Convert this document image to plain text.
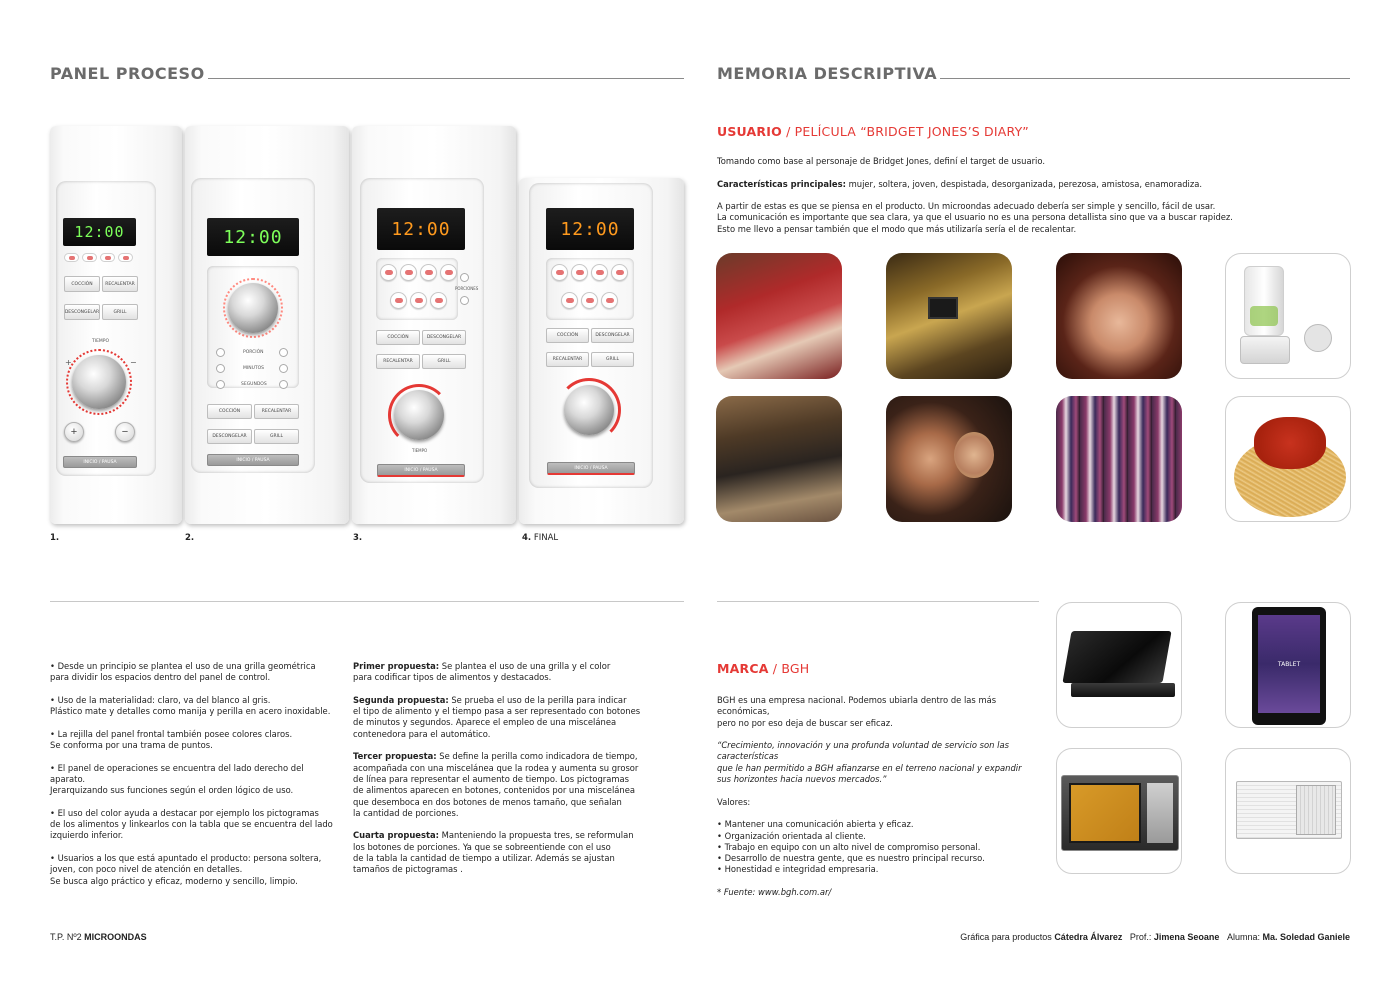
PANEL PROCESO
12:00
COCCIÓN	RECALENTAR
DESCONGELAR	GRILL
TIEMPO
+	−
+	−
INICIO / PAUSA
12:00
PORCIÓN
MINUTOS
SEGUNDOS
COCCIÓN	RECALENTAR
DESCONGELAR	GRILL
INICIO / PAUSA
12:00
PORCIONES
COCCIÓN	DESCONGELAR
RECALENTAR	GRILL
TIEMPO
INICIO / PAUSA
12:00
COCCIÓN	DESCONGELAR
RECALENTAR	GRILL
INICIO / PAUSA
1.	2.	3.	4. FINAL
• Desde un principio se plantea el uso de una grilla geométrica
para dividir los espacios dentro del panel de control.
• Uso de la materialidad: claro, va del blanco al gris.
Plástico mate y detalles como manija y perilla en acero inoxidable.
• La rejilla del panel frontal también posee colores claros.
Se conforma por una trama de puntos.
• El panel de operaciones se encuentra del lado derecho del aparato.
Jerarquizando sus funciones según el orden lógico de uso.
• El uso del color ayuda a destacar por ejemplo los pictogramas
de los alimentos y linkearlos con la tabla que se encuentra del lado
izquierdo inferior.
• Usuarios a los que está apuntado el producto: persona soltera,
joven, con poco nivel de atención en detalles.
Se busca algo práctico y eficaz, moderno y sencillo, limpio.
Primer propuesta: Se plantea el uso de una grilla y el color
para codificar tipos de alimentos y destacados.
Segunda propuesta: Se prueba el uso de la perilla para indicar
el tipo de alimento y el tiempo pasa a ser representado con botones
de minutos y segundos. Aparece el empleo de una miscelánea
contenedora para el automático.
Tercer propuesta: Se define la perilla como indicadora de tiempo,
acompañada con una miscelánea que la rodea y aumenta su grosor
de línea para representar el aumento de tiempo. Los pictogramas
de alimentos aparecen en botones, contenidos por una miscelánea
que desemboca en dos botones de menos tamaño, que señalan
la cantidad de porciones.
Cuarta propuesta: Manteniendo la propuesta tres, se reformulan
los botones de porciones. Ya que se sobreentiende con el uso
de la tabla la cantidad de tiempo a utilizar. Además se ajustan
tamaños de pictogramas .
MEMORIA DESCRIPTIVA
USUARIO / PELÍCULA “BRIDGET JONES’S DIARY”
Tomando como base al personaje de Bridget Jones, definí el target de usuario.
Características principales: mujer, soltera, joven, despistada, desorganizada, perezosa, amistosa, enamoradiza.
A partir de estas es que se piensa en el producto. Un microondas adecuado debería ser simple y sencillo, fácil de usar.
La comunicación es importante que sea clara, ya que el usuario no es una persona detallista sino que va a buscar rapidez.
Esto me llevo a pensar también que el modo que más utilizaría sería el de recalentar.
MARCA / BGH
BGH es una empresa nacional. Podemos ubiarla dentro de las más económicas,
pero no por eso deja de buscar ser eficaz.
“Crecimiento, innovación y una profunda voluntad de servicio son las características
que le han permitido a BGH afianzarse en el terreno nacional y expandir
sus horizontes hacia nuevos mercados.”
Valores:
• Mantener una comunicación abierta y eficaz.
• Organización orientada al cliente.
• Trabajo en equipo con un alto nivel de compromiso personal.
• Desarrollo de nuestra gente, que es nuestro principal recurso.
• Honestidad e integridad empresaria.
* Fuente: www.bgh.com.ar/
TABLET
T.P. Nº2 MICROONDAS	Gráfica para productos Cátedra Álvarez Prof.: Jimena Seoane Alumna: Ma. Soledad Ganiele
